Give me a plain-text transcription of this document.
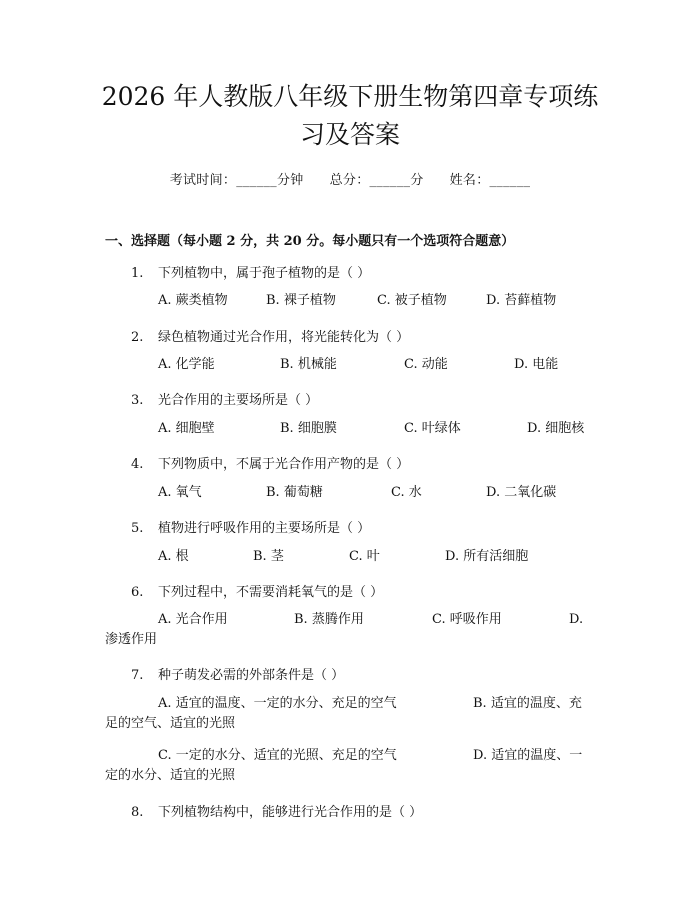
2026 年人教版八年级下册生物第四章专项练
习及答案
考试时间：______分钟 总分：______分 姓名：______
一、选择题（每小题 2 分，共 20 分。每小题只有一个选项符合题意）
1. 下列植物中，属于孢子植物的是（ ）
A. 蕨类植物	B. 裸子植物	C. 被子植物	D. 苔藓植物
2. 绿色植物通过光合作用，将光能转化为（ ）
A. 化学能	B. 机械能	C. 动能	D. 电能
3. 光合作用的主要场所是（ ）
A. 细胞壁	B. 细胞膜	C. 叶绿体	D. 细胞核
4. 下列物质中，不属于光合作用产物的是（ ）
A. 氧气	B. 葡萄糖	C. 水	D. 二氧化碳
5. 植物进行呼吸作用的主要场所是（ ）
A. 根	B. 茎	C. 叶	D. 所有活细胞
6. 下列过程中，不需要消耗氧气的是（ ）
A. 光合作用	B. 蒸腾作用	C. 呼吸作用	D.
渗透作用
7. 种子萌发必需的外部条件是（ ）
A. 适宜的温度、一定的水分、充足的空气	B. 适宜的温度、充
足的空气、适宜的光照
C. 一定的水分、适宜的光照、充足的空气	D. 适宜的温度、一
定的水分、适宜的光照
8. 下列植物结构中，能够进行光合作用的是（ ）
